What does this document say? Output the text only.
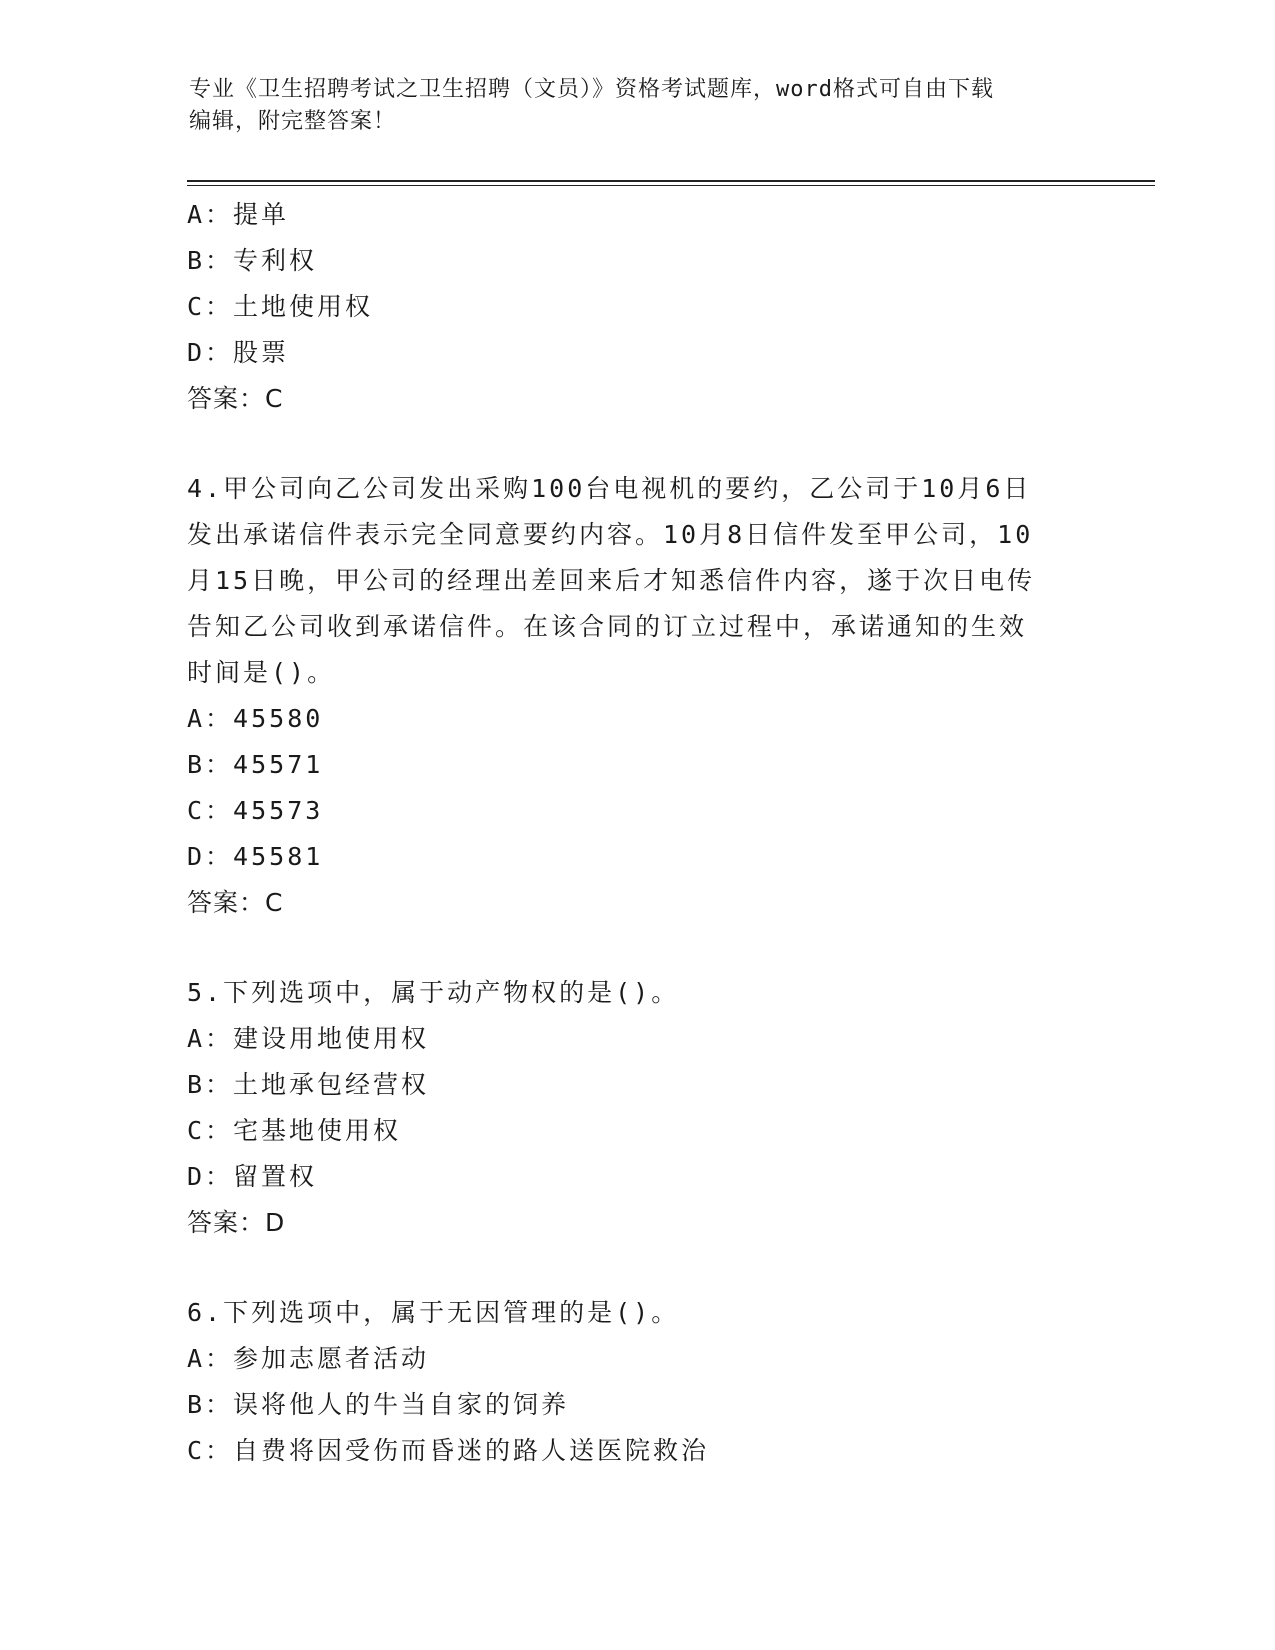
专业《卫生招聘考试之卫生招聘（文员）》资格考试题库，word格式可自由下载
编辑，附完整答案！
A：提单
B：专利权
C：土地使用权
D：股票
答案：C
4.甲公司向乙公司发出采购100台电视机的要约，乙公司于10月6日
发出承诺信件表示完全同意要约内容。10月8日信件发至甲公司，10
月15日晚，甲公司的经理出差回来后才知悉信件内容，遂于次日电传
告知乙公司收到承诺信件。在该合同的订立过程中，承诺通知的生效
时间是()。
A：45580
B：45571
C：45573
D：45581
答案：C
5.下列选项中，属于动产物权的是()。
A：建设用地使用权
B：土地承包经营权
C：宅基地使用权
D：留置权
答案：D
6.下列选项中，属于无因管理的是()。
A：参加志愿者活动
B：误将他人的牛当自家的饲养
C：自费将因受伤而昏迷的路人送医院救治
